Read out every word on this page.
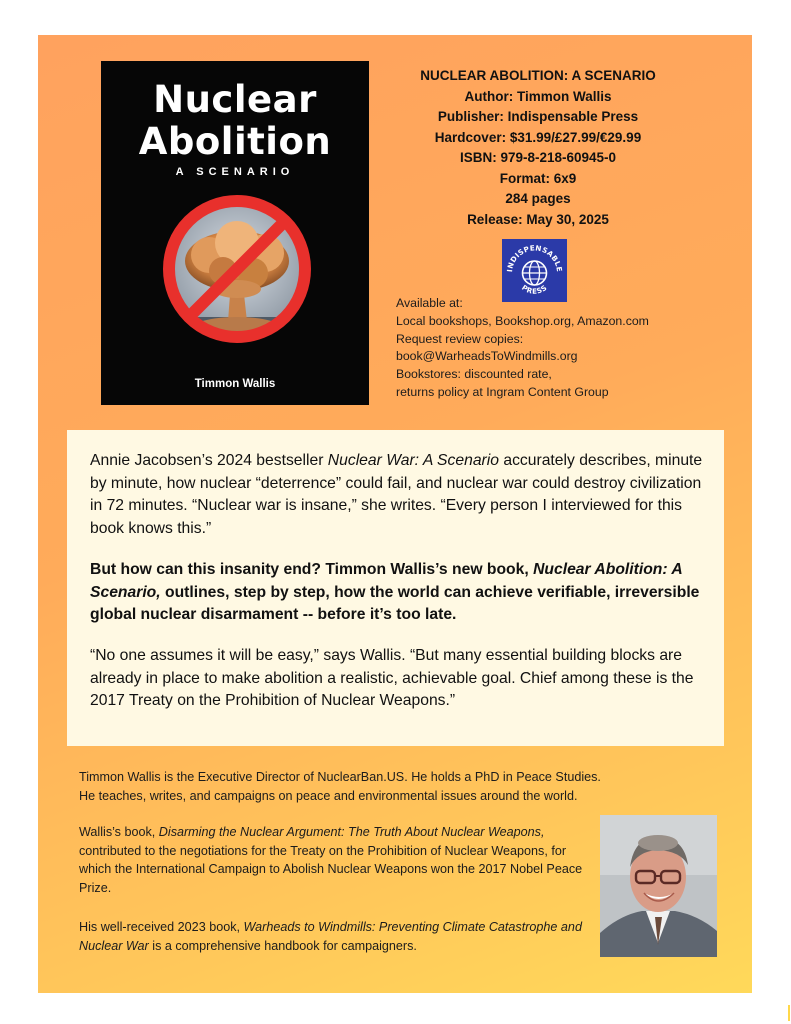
Nuclear
Abolition
A SCENARIO
Timmon Wallis
NUCLEAR ABOLITION: A SCENARIO
Author: Timmon Wallis
Publisher: Indispensable Press
Hardcover: $31.99/£27.99/€29.99
ISBN: 979-8-218-60945-0
Format: 6x9
284 pages
Release: May 30, 2025
INDISPENSABLE
PRESS
Available at:
Local bookshops, Bookshop.org, Amazon.com
Request review copies:
book@WarheadsToWindmills.org
Bookstores: discounted rate,
returns policy at Ingram Content Group

Annie Jacobsen’s 2024 bestseller Nuclear War: A Scenario accurately describes, minute by minute, how nuclear “deterrence” could fail, and nuclear war could destroy civilization in 72 minutes. “Nuclear war is insane,” she writes. “Every person I interviewed for this book knows this.”

But how can this insanity end? Timmon Wallis’s new book, Nuclear Abolition: A Scenario, outlines, step by step, how the world can achieve verifiable, irreversible global nuclear disarmament -- before it’s too late.

“No one assumes it will be easy,” says Wallis. “But many essential building blocks are already in place to make abolition a realistic, achievable goal. Chief among these is the 2017 Treaty on the Prohibition of Nuclear Weapons.”

Timmon Wallis is the Executive Director of NuclearBan.US. He holds a PhD in Peace Studies.
He teaches, writes, and campaigns on peace and environmental issues around the world.

Wallis’s book, Disarming the Nuclear Argument: The Truth About Nuclear Weapons, contributed to the negotiations for the Treaty on the Prohibition of Nuclear Weapons, for which the International Campaign to Abolish Nuclear Weapons won the 2017 Nobel Peace Prize.

His well-received 2023 book, Warheads to Windmills: Preventing Climate Catastrophe and Nuclear War is a comprehensive handbook for campaigners.
